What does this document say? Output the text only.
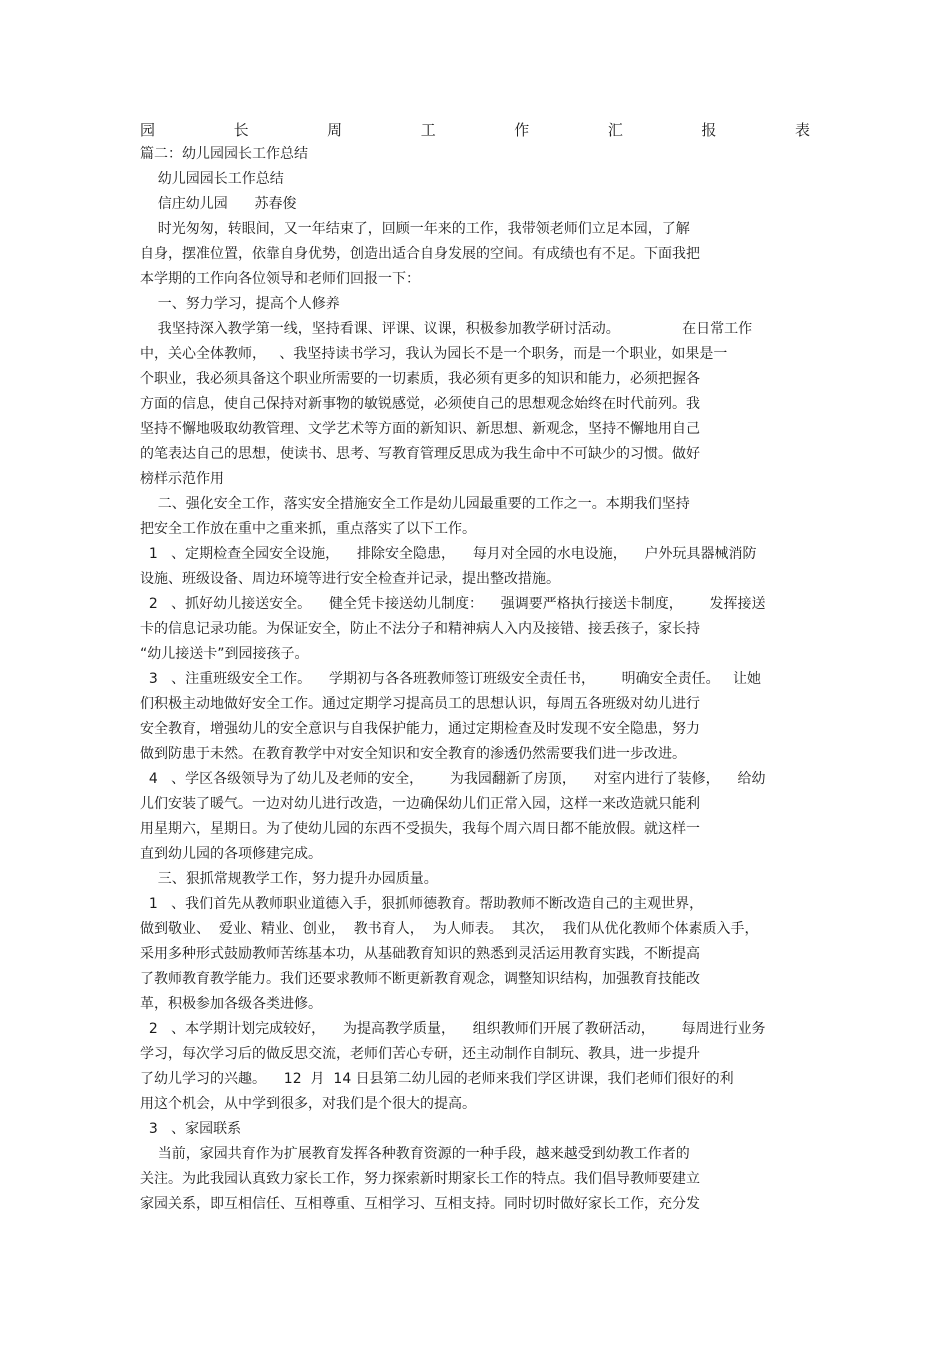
园	长	周	工	作	汇	报	表
篇二：幼儿园园长工作总结
幼儿园园长工作总结
信庄幼儿园      苏春俊
时光匆匆，转眼间，又一年结束了，回顾一年来的工作，我带领老师们立足本园，了解
自身，摆准位置，依靠自身优势，创造出适合自身发展的空间。有成绩也有不足。下面我把
本学期的工作向各位领导和老师们回报一下：
一、努力学习，提高个人修养
我坚持深入教学第一线，坚持看课、评课、议课，积极参加教学研讨活动。              在日常工作
中，关心全体教师，   、我坚持读书学习，我认为园长不是一个职务，而是一个职业，如果是一
个职业，我必须具备这个职业所需要的一切素质，我必须有更多的知识和能力，必须把握各
方面的信息，使自己保持对新事物的敏锐感觉，必须使自己的思想观念始终在时代前列。我
坚持不懈地吸取幼教管理、文学艺术等方面的新知识、新思想、新观念，坚持不懈地用自己
的笔表达自己的思想，使读书、思考、写教育管理反思成为我生命中不可缺少的习惯。做好
榜样示范作用
二、强化安全工作，落实安全措施安全工作是幼儿园最重要的工作之一。本期我们坚持
把安全工作放在重中之重来抓，重点落实了以下工作。
1   、定期检查全园安全设施，    排除安全隐患，    每月对全园的水电设施，    户外玩具器械消防
设施、班级设备、周边环境等进行安全检查并记录，提出整改措施。
2   、抓好幼儿接送安全。    健全凭卡接送幼儿制度：    强调要严格执行接送卡制度，      发挥接送
卡的信息记录功能。为保证安全，防止不法分子和精神病人入内及接错、接丢孩子，家长持
“幼儿接送卡”到园接孩子。
3   、注重班级安全工作。    学期初与各各班教师签订班级安全责任书，      明确安全责任。   让她
们积极主动地做好安全工作。通过定期学习提高员工的思想认识，每周五各班级对幼儿进行
安全教育，增强幼儿的安全意识与自我保护能力，通过定期检查及时发现不安全隐患，努力
做到防患于未然。在教育教学中对安全知识和安全教育的渗透仍然需要我们进一步改进。
4   、学区各级领导为了幼儿及老师的安全，      为我园翻新了房顶，    对室内进行了装修，    给幼
儿们安装了暖气。一边对幼儿进行改造，一边确保幼儿们正常入园，这样一来改造就只能利
用星期六，星期日。为了使幼儿园的东西不受损失，我每个周六周日都不能放假。就这样一
直到幼儿园的各项修建完成。
三、狠抓常规教学工作，努力提升办园质量。
1   、我们首先从教师职业道德入手，狠抓师德教育。帮助教师不断改造自己的主观世界，
做到敬业、  爱业、精业、创业，  教书育人，  为人师表。  其次，  我们从优化教师个体素质入手，
采用多种形式鼓励教师苦练基本功，从基础教育知识的熟悉到灵活运用教育实践，不断提高
了教师教育教学能力。我们还要求教师不断更新教育观念，调整知识结构，加强教育技能改
革，积极参加各级各类进修。
2   、本学期计划完成较好，    为提高教学质量，    组织教师们开展了教研活动，      每周进行业务
学习，每次学习后的做反思交流，老师们苦心专研，还主动制作自制玩、教具，进一步提升
了幼儿学习的兴趣。    12  月  14 日县第二幼儿园的老师来我们学区讲课，我们老师们很好的利
用这个机会，从中学到很多，对我们是个很大的提高。
3   、家园联系
当前，家园共育作为扩展教育发挥各种教育资源的一种手段，越来越受到幼教工作者的
关注。为此我园认真致力家长工作，努力探索新时期家长工作的特点。我们倡导教师要建立
家园关系，即互相信任、互相尊重、互相学习、互相支持。同时切时做好家长工作，充分发
